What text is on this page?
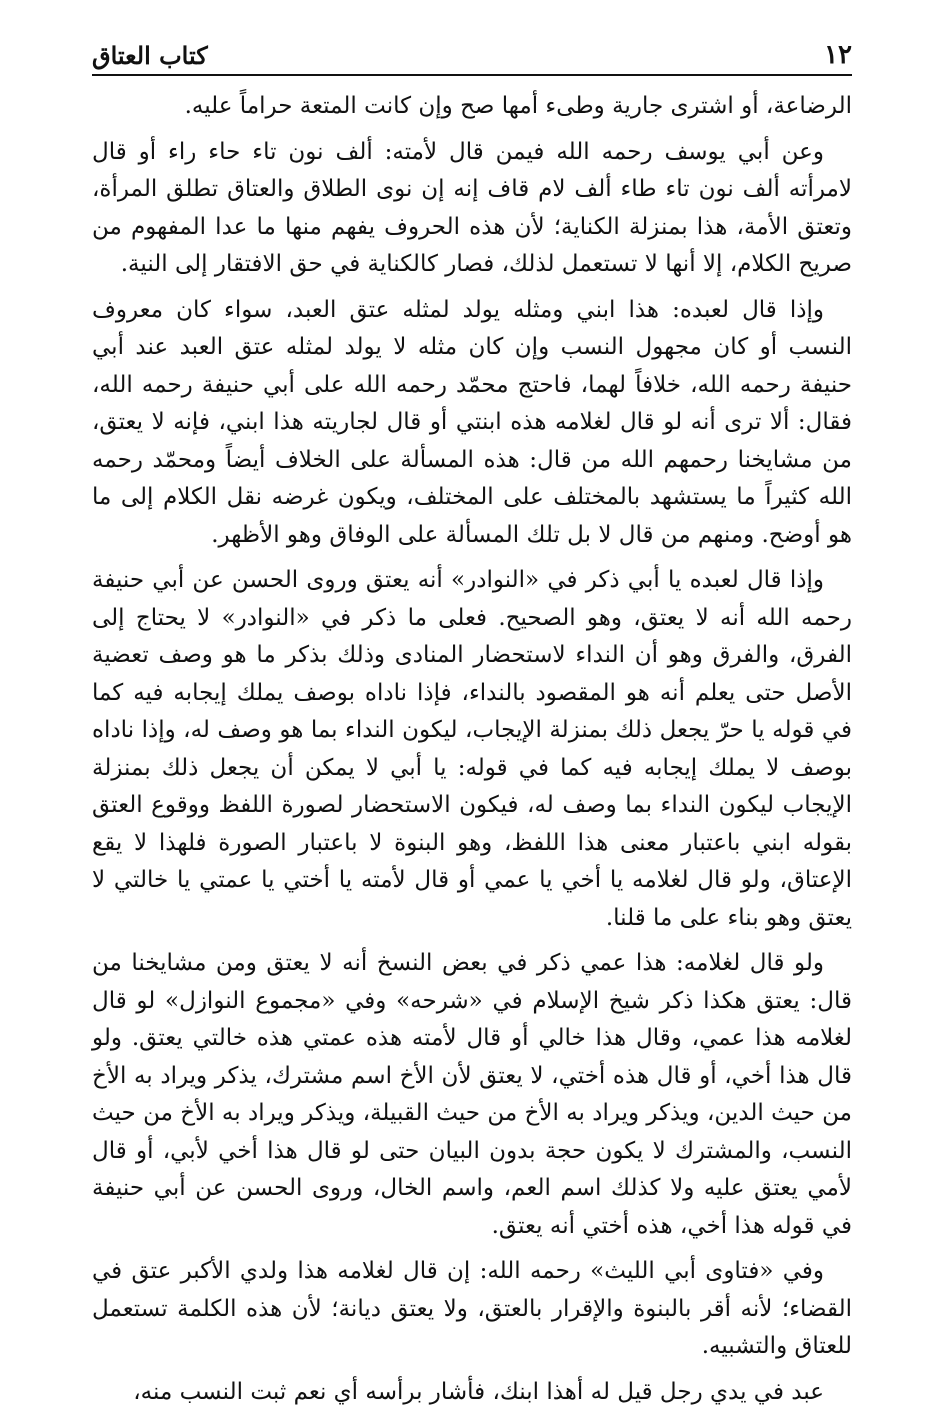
١٢
كتاب العتاق

الرضاعة، أو اشترى جارية وطىء أمها صح وإن كانت المتعة حراماً عليه.

وعن أبي يوسف رحمه الله فيمن قال لأمته: ألف نون تاء حاء راء أو قال لامرأته ألف نون تاء طاء ألف لام قاف إنه إن نوى الطلاق والعتاق تطلق المرأة، وتعتق الأمة، هذا بمنزلة الكناية؛ لأن هذه الحروف يفهم منها ما عدا المفهوم من صريح الكلام، إلا أنها لا تستعمل لذلك، فصار كالكناية في حق الافتقار إلى النية.

وإذا قال لعبده: هذا ابني ومثله يولد لمثله عتق العبد، سواء كان معروف النسب أو كان مجهول النسب وإن كان مثله لا يولد لمثله عتق العبد عند أبي حنيفة رحمه الله، خلافاً لهما، فاحتج محمّد رحمه الله على أبي حنيفة رحمه الله، فقال: ألا ترى أنه لو قال لغلامه هذه ابنتي أو قال لجاريته هذا ابني، فإنه لا يعتق، من مشايخنا رحمهم الله من قال: هذه المسألة على الخلاف أيضاً ومحمّد رحمه الله كثيراً ما يستشهد بالمختلف على المختلف، ويكون غرضه نقل الكلام إلى ما هو أوضح. ومنهم من قال لا بل تلك المسألة على الوفاق وهو الأظهر.

وإذا قال لعبده يا أبي ذكر في «النوادر» أنه يعتق وروى الحسن عن أبي حنيفة رحمه الله أنه لا يعتق، وهو الصحيح. فعلى ما ذكر في «النوادر» لا يحتاج إلى الفرق، والفرق وهو أن النداء لاستحضار المنادى وذلك بذكر ما هو وصف تعضية الأصل حتى يعلم أنه هو المقصود بالنداء، فإذا ناداه بوصف يملك إيجابه فيه كما في قوله يا حرّ يجعل ذلك بمنزلة الإيجاب، ليكون النداء بما هو وصف له، وإذا ناداه بوصف لا يملك إيجابه فيه كما في قوله: يا أبي لا يمكن أن يجعل ذلك بمنزلة الإيجاب ليكون النداء بما وصف له، فيكون الاستحضار لصورة اللفظ ووقوع العتق بقوله ابني باعتبار معنى هذا اللفظ، وهو البنوة لا باعتبار الصورة فلهذا لا يقع الإعتاق، ولو قال لغلامه يا أخي يا عمي أو قال لأمته يا أختي يا عمتي يا خالتي لا يعتق وهو بناء على ما قلنا.

ولو قال لغلامه: هذا عمي ذكر في بعض النسخ أنه لا يعتق ومن مشايخنا من قال: يعتق هكذا ذكر شيخ الإسلام في «شرحه» وفي «مجموع النوازل» لو قال لغلامه هذا عمي، وقال هذا خالي أو قال لأمته هذه عمتي هذه خالتي يعتق. ولو قال هذا أخي، أو قال هذه أختي، لا يعتق لأن الأخ اسم مشترك، يذكر ويراد به الأخ من حيث الدين، ويذكر ويراد به الأخ من حيث القبيلة، ويذكر ويراد به الأخ من حيث النسب، والمشترك لا يكون حجة بدون البيان حتى لو قال هذا أخي لأبي، أو قال لأمي يعتق عليه ولا كذلك اسم العم، واسم الخال، وروى الحسن عن أبي حنيفة في قوله هذا أخي، هذه أختي أنه يعتق.

وفي «فتاوى أبي الليث» رحمه الله: إن قال لغلامه هذا ولدي الأكبر عتق في القضاء؛ لأنه أقر بالبنوة والإقرار بالعتق، ولا يعتق ديانة؛ لأن هذه الكلمة تستعمل للعتاق والتشبيه.

عبد في يدي رجل قيل له أهذا ابنك، فأشار برأسه أي نعم ثبت النسب منه،
